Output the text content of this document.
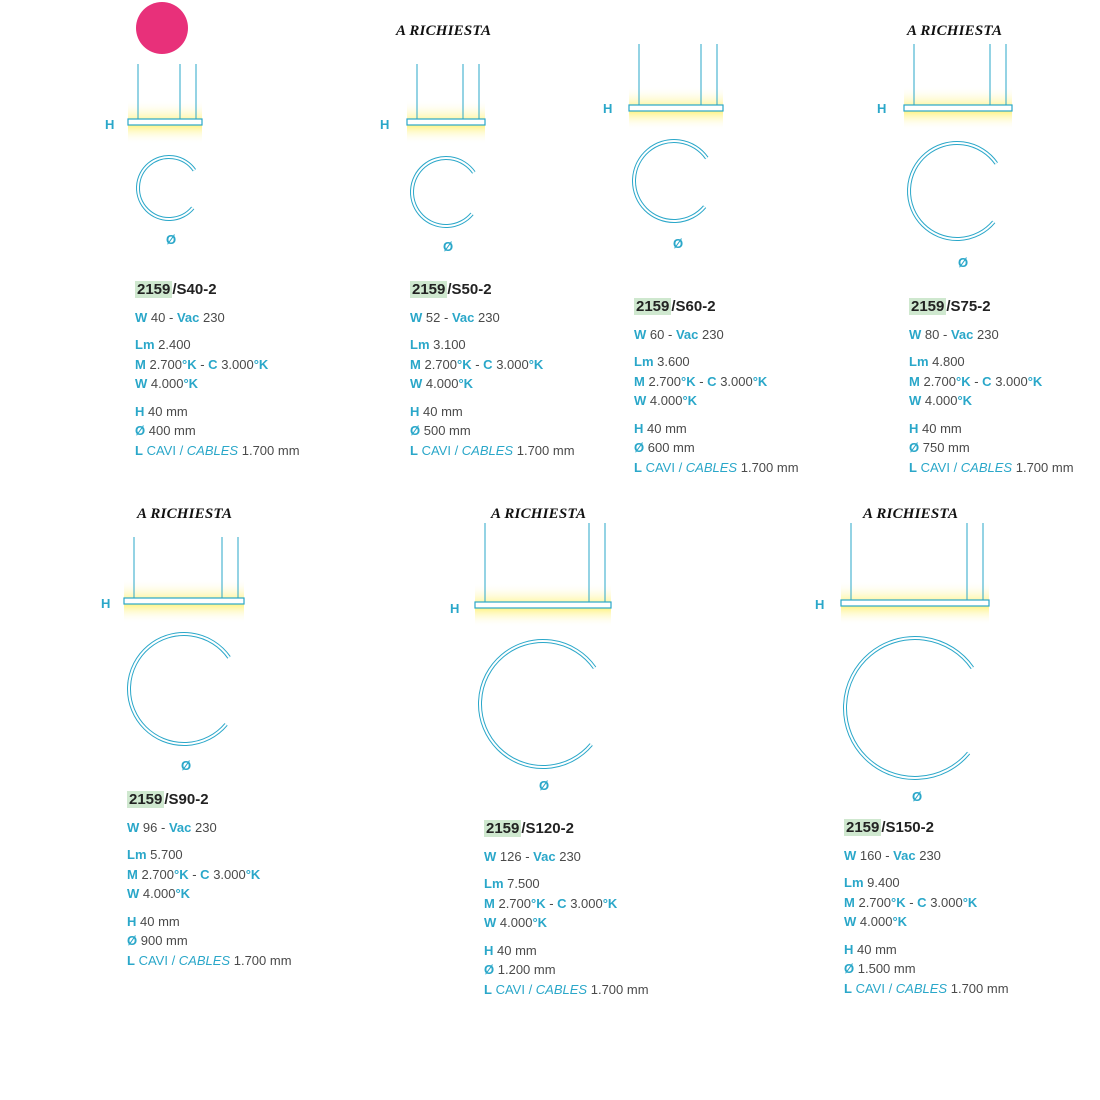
A RICHIESTA	A RICHIESTA
A RICHIESTA	A RICHIESTA	A RICHIESTA
H
Ø
2159 /S40-2
W 40 - Vac 230
Lm 2.400
M 2.700°K - C 3.000°K
W 4.000°K
H 40 mm
Ø 400 mm
L CAVI / CABLES 1.700 mm
H
Ø
2159 /S50-2
W 52 - Vac 230
Lm 3.100
M 2.700°K - C 3.000°K
W 4.000°K
H 40 mm
Ø 500 mm
L CAVI / CABLES 1.700 mm
H
Ø
2159 /S60-2
W 60 - Vac 230
Lm 3.600
M 2.700°K - C 3.000°K
W 4.000°K
H 40 mm
Ø 600 mm
L CAVI / CABLES 1.700 mm
H
Ø
2159 /S75-2
W 80 - Vac 230
Lm 4.800
M 2.700°K - C 3.000°K
W 4.000°K
H 40 mm
Ø 750 mm
L CAVI / CABLES 1.700 mm
H
Ø
2159 /S90-2
W 96 - Vac 230
Lm 5.700
M 2.700°K - C 3.000°K
W 4.000°K
H 40 mm
Ø 900 mm
L CAVI / CABLES 1.700 mm
H
Ø
2159 /S120-2
W 126 - Vac 230
Lm 7.500
M 2.700°K - C 3.000°K
W 4.000°K
H 40 mm
Ø 1.200 mm
L CAVI / CABLES 1.700 mm
H
Ø
2159 /S150-2
W 160 - Vac 230
Lm 9.400
M 2.700°K - C 3.000°K
W 4.000°K
H 40 mm
Ø 1.500 mm
L CAVI / CABLES 1.700 mm
